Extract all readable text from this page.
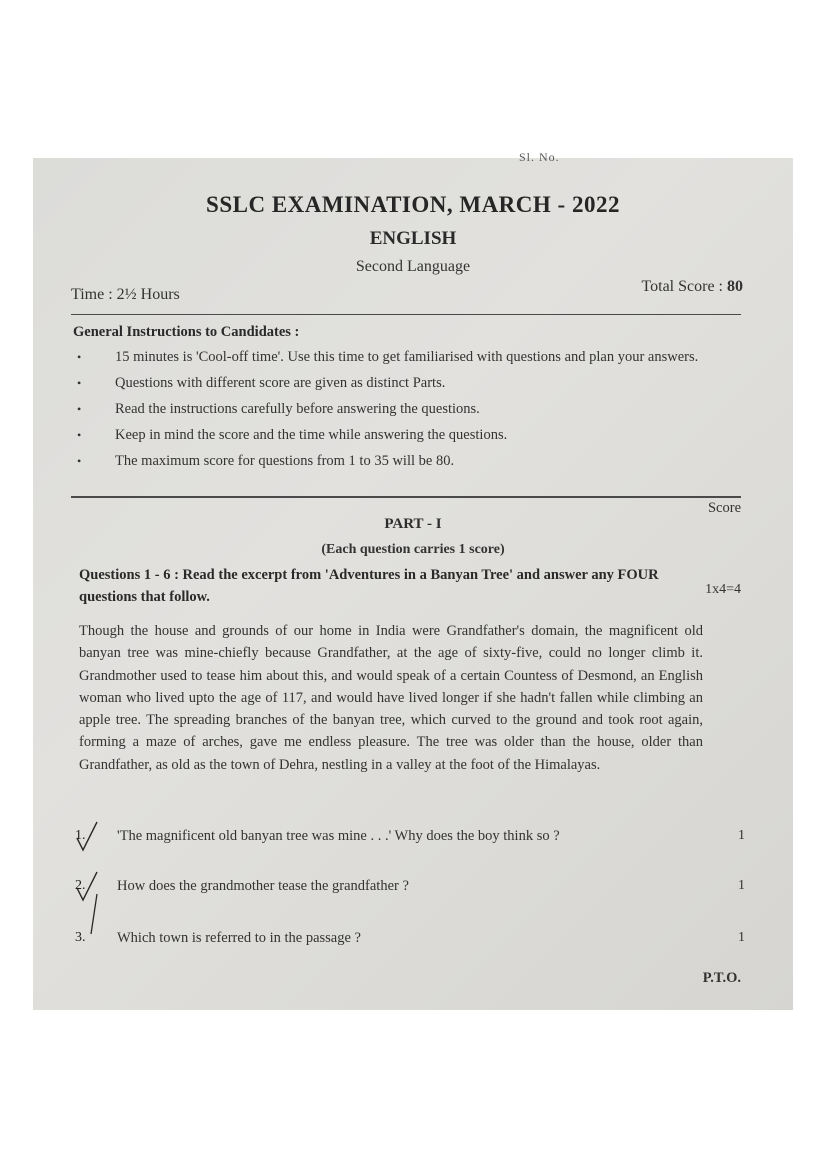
Sl. No.
SSLC EXAMINATION, MARCH - 2022
ENGLISH
Second Language
Time : 2½ Hours	Total Score : 80
General Instructions to Candidates :
• 15 minutes is 'Cool-off time'. Use this time to get familiarised with questions and plan your answers.
• Questions with different score are given as distinct Parts.
• Read the instructions carefully before answering the questions.
• Keep in mind the score and the time while answering the questions.
• The maximum score for questions from 1 to 35 will be 80.
Score
PART - I
(Each question carries 1 score)
Questions 1 - 6 : Read the excerpt from 'Adventures in a Banyan Tree' and answer any FOUR questions that follow.	1x4=4

Though the house and grounds of our home in India were Grandfather's domain, the magnificent old banyan tree was mine-chiefly because Grandfather, at the age of sixty-five, could no longer climb it. Grandmother used to tease him about this, and would speak of a certain Countess of Desmond, an English woman who lived upto the age of 117, and would have lived longer if she hadn't fallen while climbing an apple tree. The spreading branches of the banyan tree, which curved to the ground and took root again, forming a maze of arches, gave me endless pleasure. The tree was older than the house, older than Grandfather, as old as the town of Dehra, nestling in a valley at the foot of the Himalayas.

1.	'The magnificent old banyan tree was mine . . .' Why does the boy think so ?	1
2.	How does the grandmother tease the grandfather ?	1
3.	Which town is referred to in the passage ?	1
P.T.O.
